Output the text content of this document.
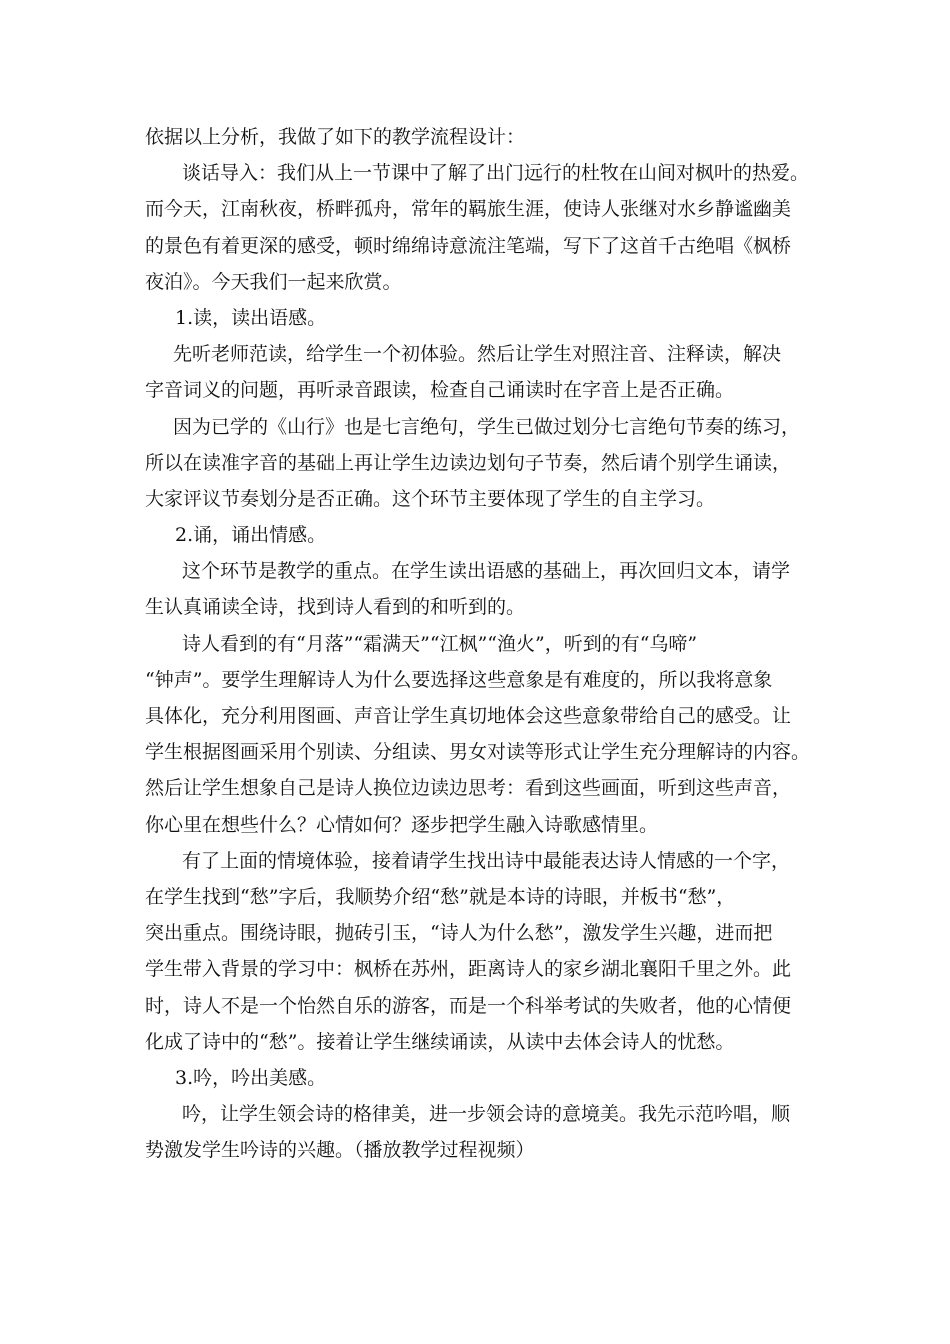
依据以上分析，我做了如下的教学流程设计：
谈话导入：我们从上一节课中了解了出门远行的杜牧在山间对枫叶的热爱。
而今天，江南秋夜，桥畔孤舟，常年的羁旅生涯，使诗人张继对水乡静谧幽美
的景色有着更深的感受，顿时绵绵诗意流注笔端，写下了这首千古绝唱《枫桥
夜泊》。今天我们一起来欣赏。
1.读，读出语感。
先听老师范读，给学生一个初体验。然后让学生对照注音、注释读，解决
字音词义的问题，再听录音跟读，检查自己诵读时在字音上是否正确。
因为已学的《山行》也是七言绝句，学生已做过划分七言绝句节奏的练习，
所以在读准字音的基础上再让学生边读边划句子节奏，然后请个别学生诵读，
大家评议节奏划分是否正确。这个环节主要体现了学生的自主学习。
2.诵，诵出情感。
这个环节是教学的重点。在学生读出语感的基础上，再次回归文本，请学
生认真诵读全诗，找到诗人看到的和听到的。
诗人看到的有“月落”“霜满天”“江枫”“渔火”，听到的有“乌啼”
“钟声”。要学生理解诗人为什么要选择这些意象是有难度的，所以我将意象
具体化，充分利用图画、声音让学生真切地体会这些意象带给自己的感受。让
学生根据图画采用个别读、分组读、男女对读等形式让学生充分理解诗的内容。
然后让学生想象自己是诗人换位边读边思考：看到这些画面，听到这些声音，
你心里在想些什么？心情如何？逐步把学生融入诗歌感情里。
有了上面的情境体验，接着请学生找出诗中最能表达诗人情感的一个字，
在学生找到“愁”字后，我顺势介绍“愁”就是本诗的诗眼，并板书“愁”，
突出重点。围绕诗眼，抛砖引玉，“诗人为什么愁”，激发学生兴趣，进而把
学生带入背景的学习中：枫桥在苏州，距离诗人的家乡湖北襄阳千里之外。此
时，诗人不是一个怡然自乐的游客，而是一个科举考试的失败者，他的心情便
化成了诗中的“愁”。接着让学生继续诵读，从读中去体会诗人的忧愁。
3.吟，吟出美感。
吟，让学生领会诗的格律美，进一步领会诗的意境美。我先示范吟唱，顺
势激发学生吟诗的兴趣。（播放教学过程视频）
